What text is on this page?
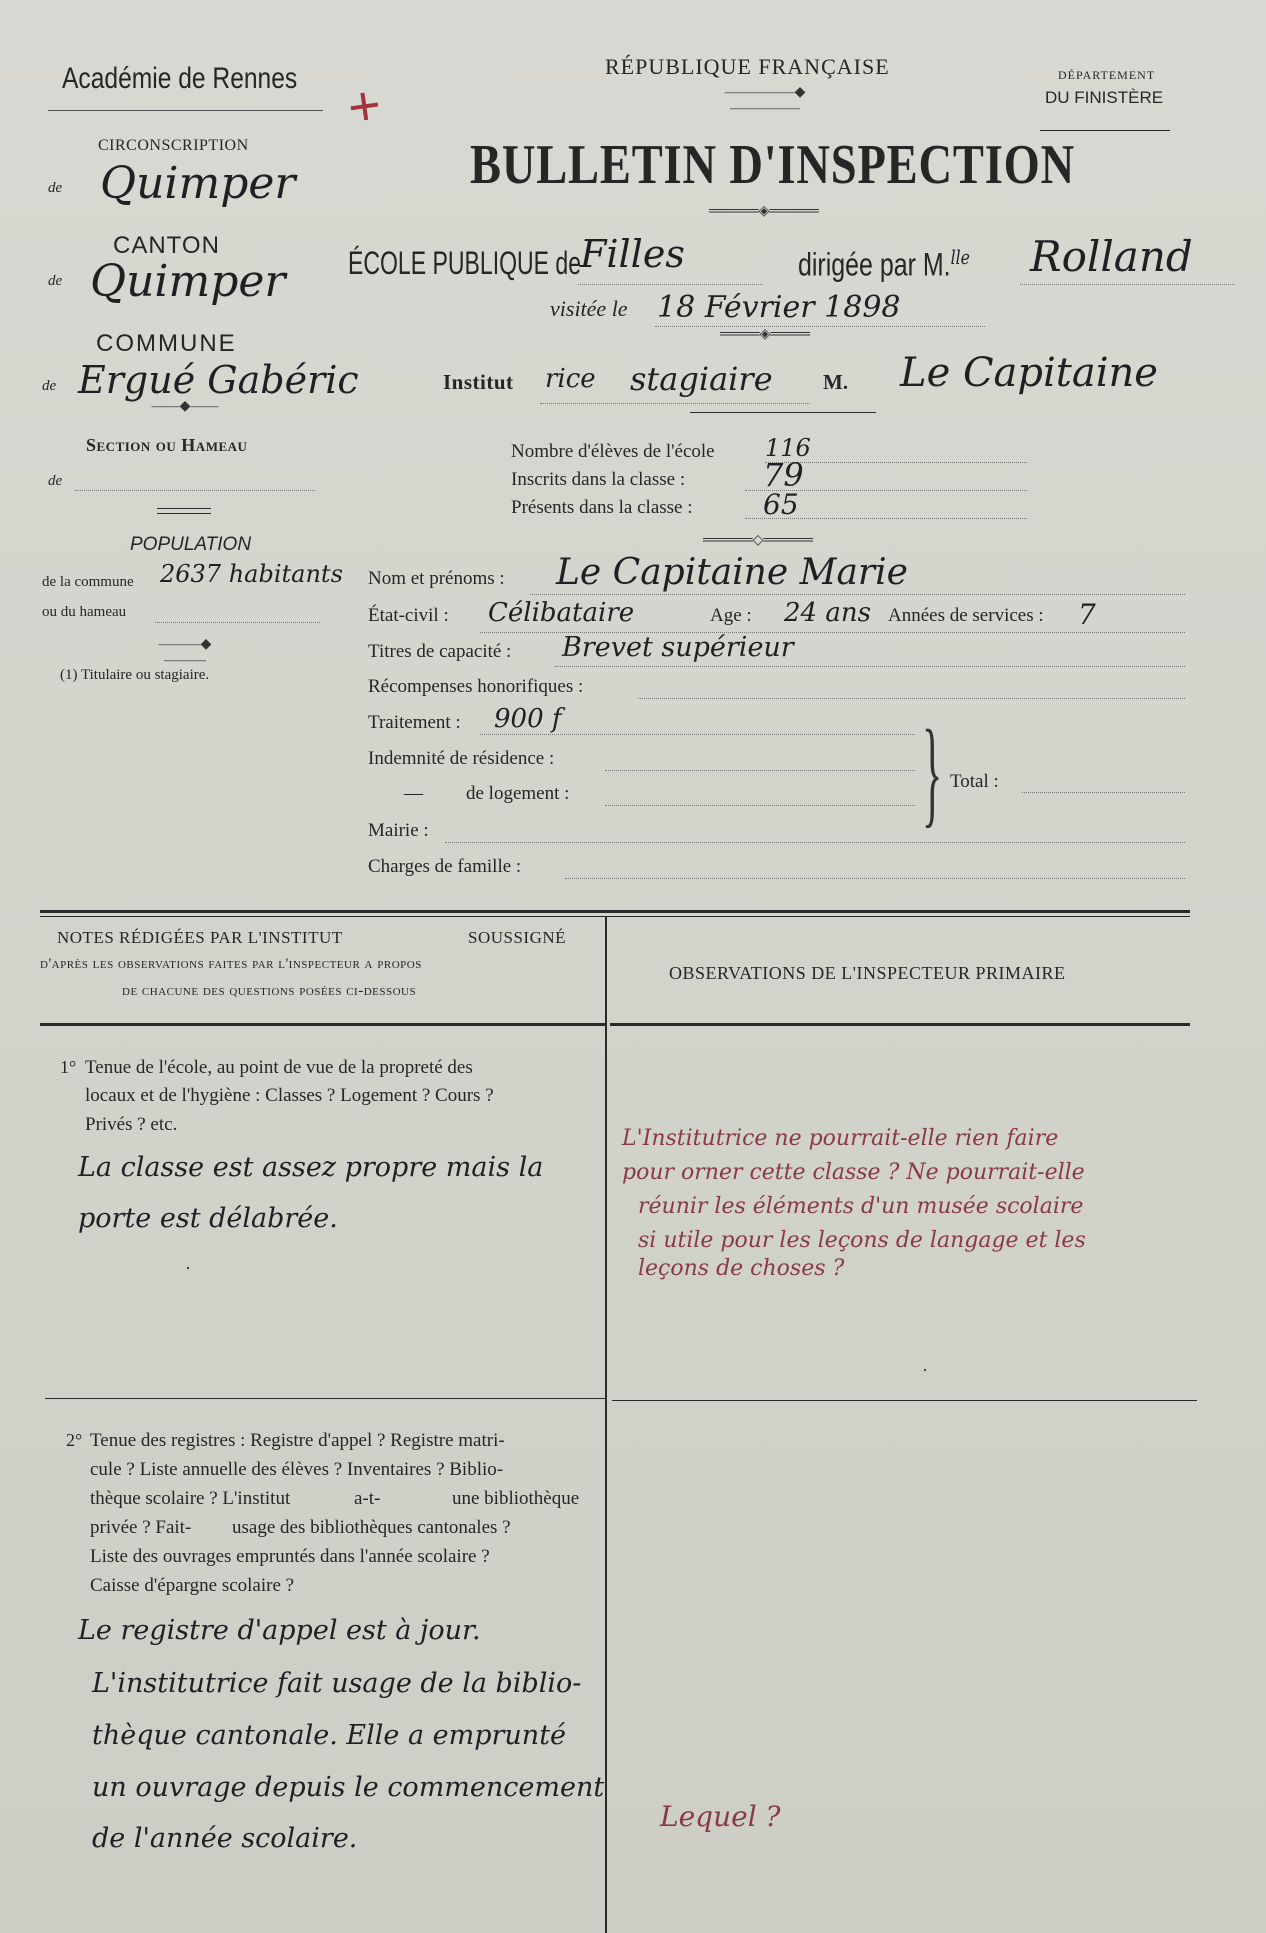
Académie de Rennes +
RÉPUBLIQUE FRANÇAISE
—————◆—————
BULLETIN D'INSPECTION
═════◈═════
DÉPARTEMENT
DU FINISTÈRE
ÉCOLE PUBLIQUE de
Filles	dirigée par M.$^{lle}$ Rolland
visitée le 18 Février 1898
════◈════
Institut rice stagiaire M. Le Capitaine
CIRCONSCRIPTION
de Quimper
CANTON
de Quimper
COMMUNE
de Ergué Gabéric
——◆——
Section ou Hameau
de
POPULATION
de la commune 2637 habitants
ou du hameau
———◆———
(1) Titulaire ou stagiaire.
Nombre d'élèves de l'école 116
Inscrits dans la classe : 79
Présents dans la classe :	65
═════◇═════
Nom et prénoms : Le Capitaine Marie
État-civil : Célibataire	Age : 24 ans Années de services : 7
Titres de capacité : Brevet supérieur
Récompenses honorifiques :
Traitement : 900 f
Indemnité de résidence :
— de logement :	} Total :
Mairie :
Charges de famille :
NOTES RÉDIGÉES PAR L'INSTITUT	SOUSSIGNÉ
d'après les observations faites par l'inspecteur a propos
de chacune des questions posées ci-dessous
OBSERVATIONS DE L'INSPECTEUR PRIMAIRE
1° Tenue de l'école, au point de vue de la propreté des
locaux et de l'hygiène : Classes ? Logement ? Cours ?
Privés ? etc.
La classe est assez propre mais la
porte est délabrée.
·
L'Institutrice ne pourrait-elle rien faire
pour orner cette classe ? Ne pourrait-elle
réunir les éléments d'un musée scolaire
si utile pour les leçons de langage et les
leçons de choses ?
·
2° Tenue des registres : Registre d'appel ? Registre matri-
cule ? Liste annuelle des élèves ? Inventaires ? Biblio-
thèque scolaire ? L'institut	a-t-	une bibliothèque
privée ? Fait- usage des bibliothèques cantonales ?
Liste des ouvrages empruntés dans l'année scolaire ?
Caisse d'épargne scolaire ?
Le registre d'appel est à jour.
L'institutrice fait usage de la biblio-
thèque cantonale. Elle a emprunté
un ouvrage depuis le commencement
de l'année scolaire.
Lequel ?
